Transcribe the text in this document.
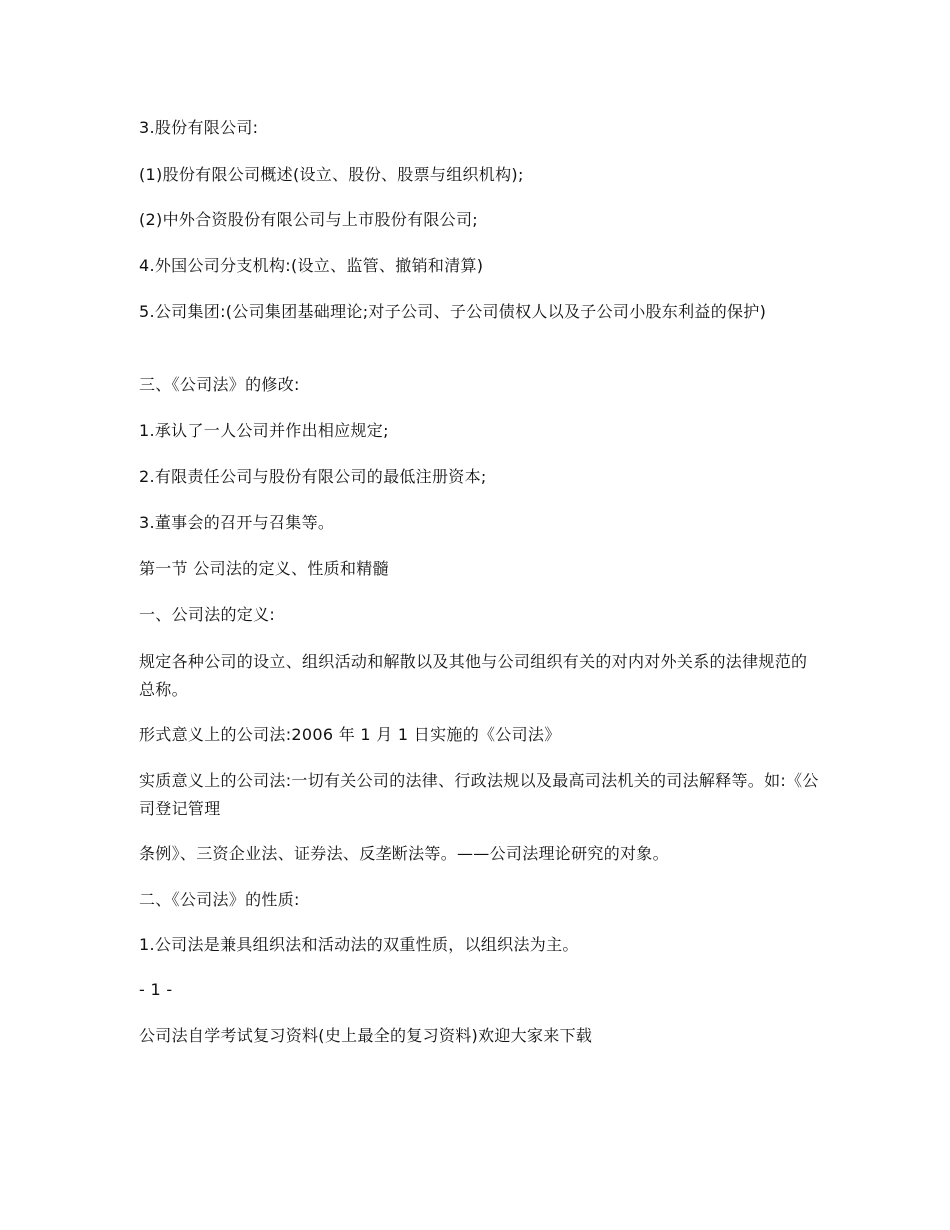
3.股份有限公司:
(1)股份有限公司概述(设立、股份、股票与组织机构);
(2)中外合资股份有限公司与上市股份有限公司;
4.外国公司分支机构:(设立、监管、撤销和清算)
5.公司集团:(公司集团基础理论;对子公司、子公司债权人以及子公司小股东利益的保护)
三、《公司法》的修改:
1.承认了一人公司并作出相应规定;
2.有限责任公司与股份有限公司的最低注册资本;
3.董事会的召开与召集等。
第一节 公司法的定义、性质和精髓
一、公司法的定义:
规定各种公司的设立、组织活动和解散以及其他与公司组织有关的对内对外关系的法律规范的总称。
形式意义上的公司法:2006 年 1 月 1 日实施的《公司法》
实质意义上的公司法:一切有关公司的法律、行政法规以及最高司法机关的司法解释等。如:《公司登记管理
条例》、三资企业法、证券法、反垄断法等。——公司法理论研究的对象。
二、《公司法》的性质:
1.公司法是兼具组织法和活动法的双重性质，以组织法为主。
- 1 -
公司法自学考试复习资料(史上最全的复习资料)欢迎大家来下载
